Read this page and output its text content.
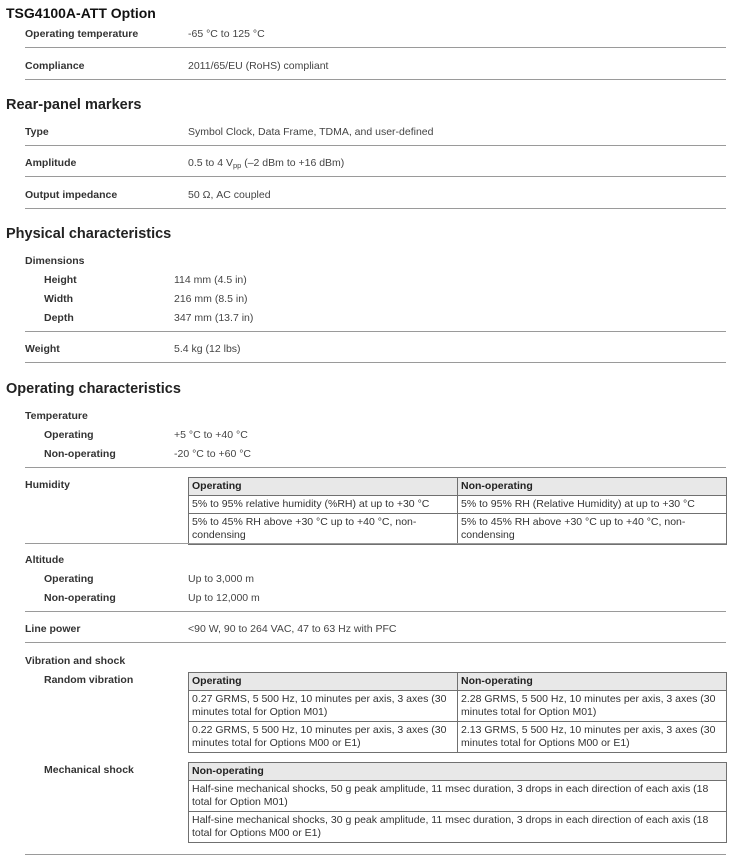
TSG4100A-ATT Option
Operating temperature	-65 °C to 125 °C
Compliance	2011/65/EU (RoHS) compliant
Rear-panel markers
Type	Symbol Clock, Data Frame, TDMA, and user-defined
Amplitude	0.5 to 4 $V_{pp}$ (–2 dBm to +16 dBm)
Output impedance	50 Ω, AC coupled
Physical characteristics
Dimensions
Height	114 mm (4.5 in)
Width	216 mm (8.5 in)
Depth	347 mm (13.7 in)
Weight	5.4 kg (12 lbs)
Operating characteristics
Temperature
Operating	+5 °C to +40 °C
Non-operating	-20 °C to +60 °C
Humidity	Operating	Non-operating
5% to 95% relative humidity (%RH) at up to +30 °C	5% to 95% RH (Relative Humidity) at up to +30 °C
5% to 45% RH above +30 °C up to +40 °C, non-condensing	5% to 45% RH above +30 °C up to +40 °C, non-condensing
Altitude
Operating	Up to 3,000 m
Non-operating	Up to 12,000 m
Line power	<90 W, 90 to 264 VAC, 47 to 63 Hz with PFC
Vibration and shock
Random vibration	Operating	Non-operating
0.27 GRMS, 5 500 Hz, 10 minutes per axis, 3 axes (30 minutes total for Option M01)	2.28 GRMS, 5 500 Hz, 10 minutes per axis, 3 axes (30 minutes total for Option M01)
0.22 GRMS, 5 500 Hz, 10 minutes per axis, 3 axes (30 minutes total for Options M00 or E1)	2.13 GRMS, 5 500 Hz, 10 minutes per axis, 3 axes (30 minutes total for Options M00 or E1)
Mechanical shock	Non-operating
Half-sine mechanical shocks, 50 g peak amplitude, 11 msec duration, 3 drops in each direction of each axis (18 total for Option M01)
Half-sine mechanical shocks, 30 g peak amplitude, 11 msec duration, 3 drops in each direction of each axis (18 total for Options M00 or E1)
